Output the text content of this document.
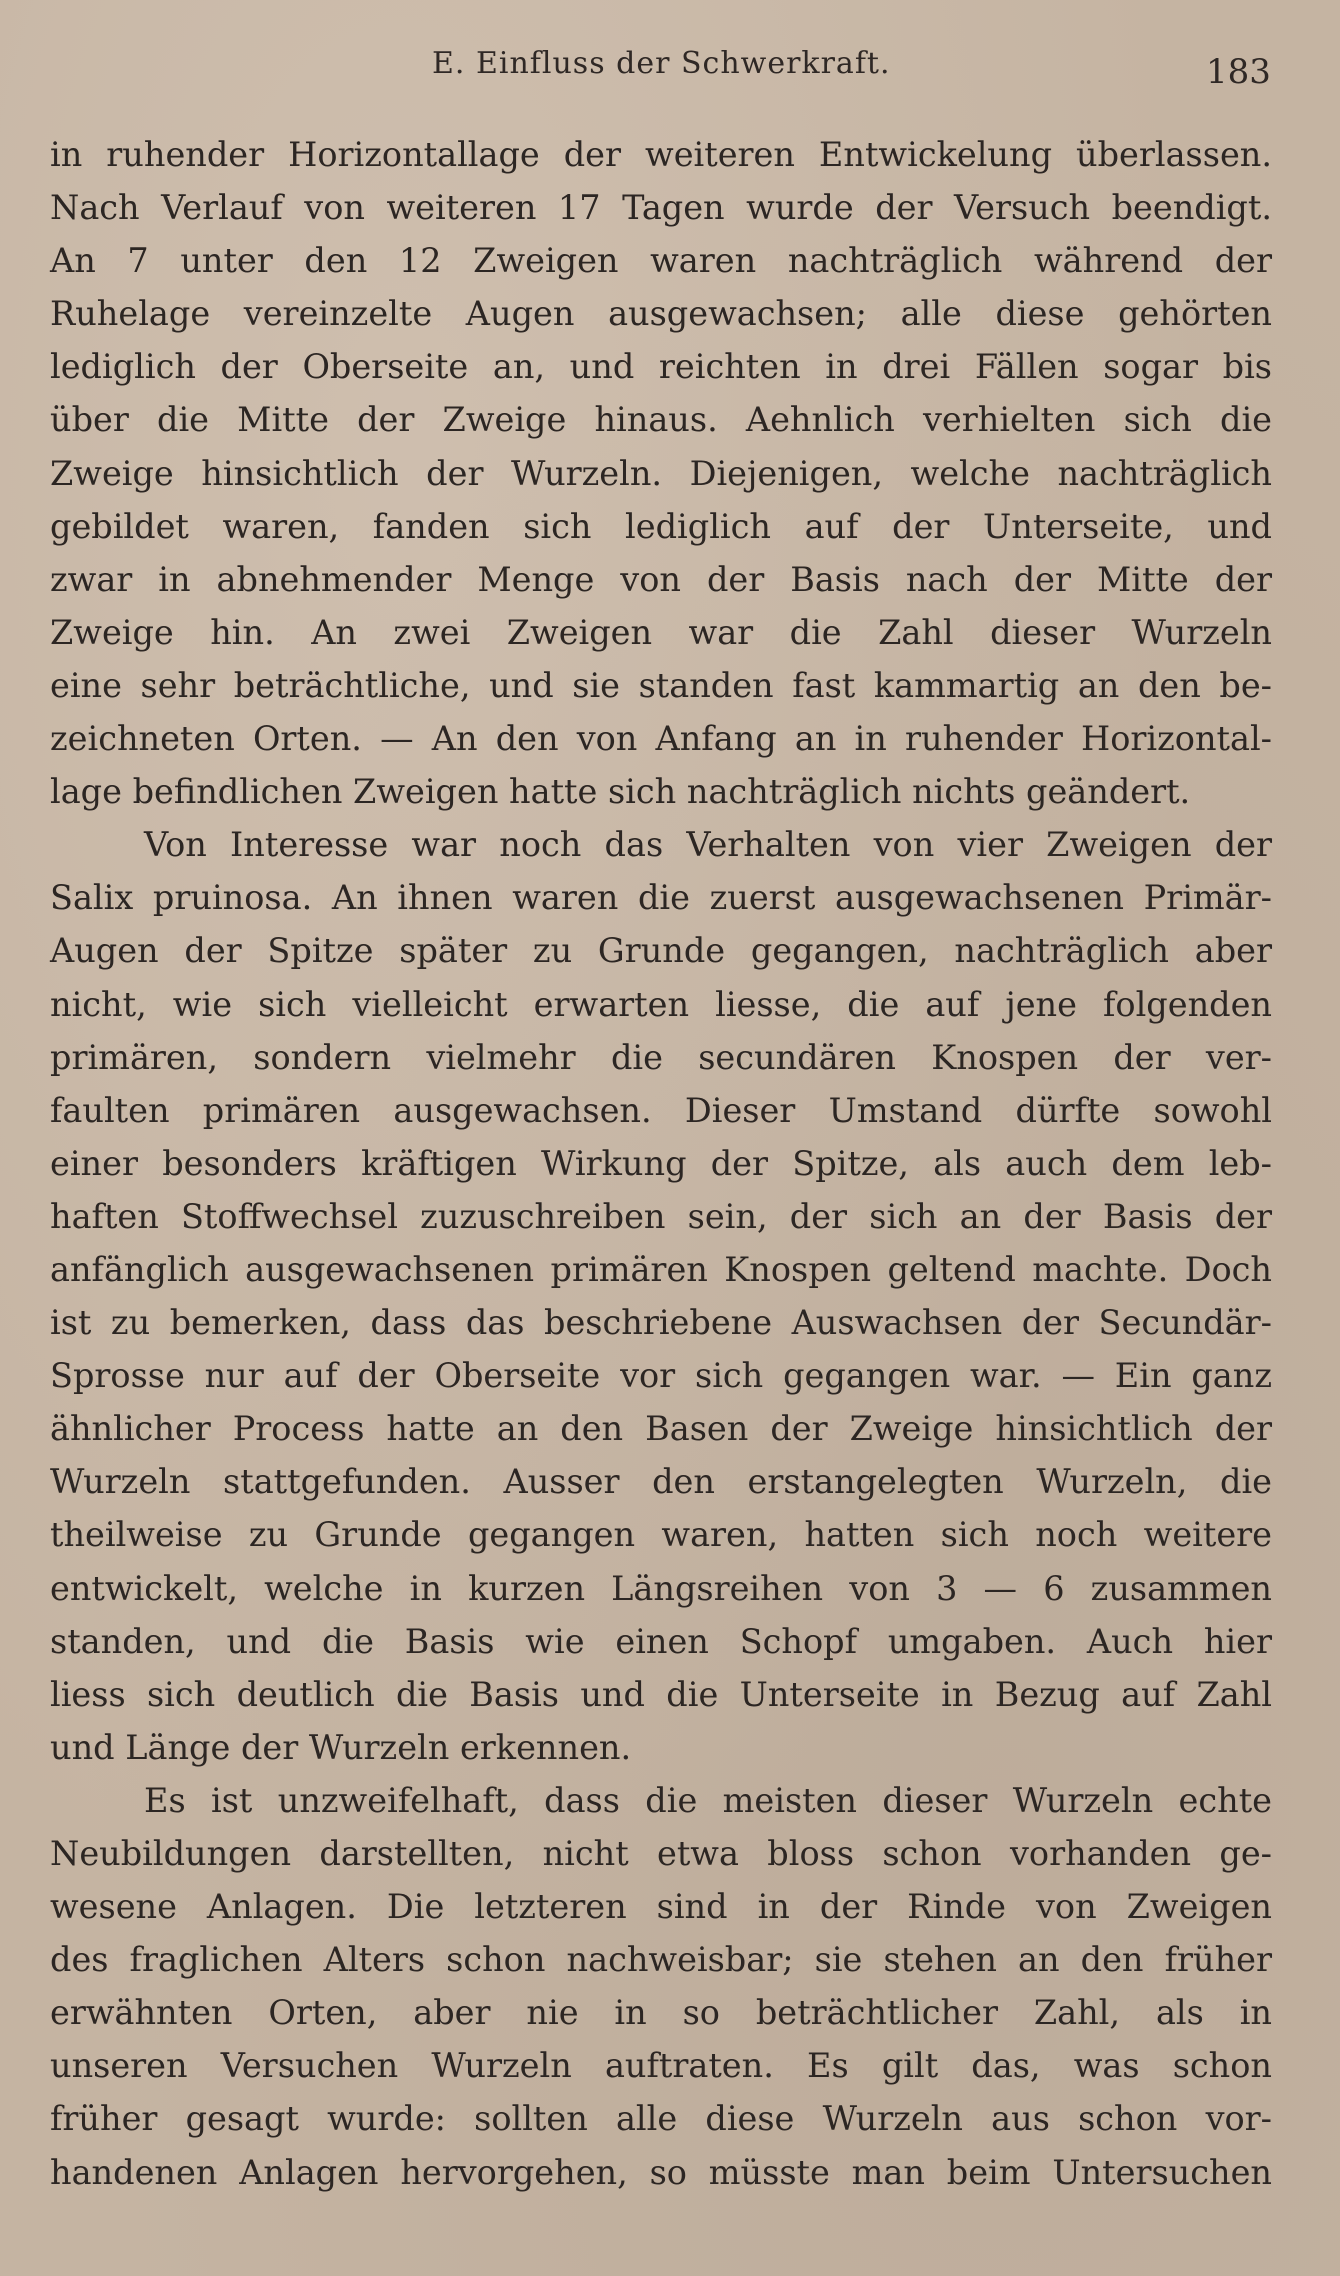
E. Einfluss der Schwerkraft.	183
in ruhender Horizontallage der weiteren Entwickelung überlassen.
Nach Verlauf von weiteren 17 Tagen wurde der Versuch beendigt.
An 7 unter den 12 Zweigen waren nachträglich während der
Ruhelage vereinzelte Augen ausgewachsen; alle diese gehörten
lediglich der Oberseite an, und reichten in drei Fällen sogar bis
über die Mitte der Zweige hinaus. Aehnlich verhielten sich die
Zweige hinsichtlich der Wurzeln. Diejenigen, welche nachträglich
gebildet waren, fanden sich lediglich auf der Unterseite, und
zwar in abnehmender Menge von der Basis nach der Mitte der
Zweige hin. An zwei Zweigen war die Zahl dieser Wurzeln
eine sehr beträchtliche, und sie standen fast kammartig an den be-
zeichneten Orten. — An den von Anfang an in ruhender Horizontal-
lage befindlichen Zweigen hatte sich nachträglich nichts geändert.
Von Interesse war noch das Verhalten von vier Zweigen der
Salix pruinosa. An ihnen waren die zuerst ausgewachsenen Primär-
Augen der Spitze später zu Grunde gegangen, nachträglich aber
nicht, wie sich vielleicht erwarten liesse, die auf jene folgenden
primären, sondern vielmehr die secundären Knospen der ver-
faulten primären ausgewachsen. Dieser Umstand dürfte sowohl
einer besonders kräftigen Wirkung der Spitze, als auch dem leb-
haften Stoffwechsel zuzuschreiben sein, der sich an der Basis der
anfänglich ausgewachsenen primären Knospen geltend machte. Doch
ist zu bemerken, dass das beschriebene Auswachsen der Secundär-
Sprosse nur auf der Oberseite vor sich gegangen war. — Ein ganz
ähnlicher Process hatte an den Basen der Zweige hinsichtlich der
Wurzeln stattgefunden. Ausser den erstangelegten Wurzeln, die
theilweise zu Grunde gegangen waren, hatten sich noch weitere
entwickelt, welche in kurzen Längsreihen von 3 — 6 zusammen
standen, und die Basis wie einen Schopf umgaben. Auch hier
liess sich deutlich die Basis und die Unterseite in Bezug auf Zahl
und Länge der Wurzeln erkennen.
Es ist unzweifelhaft, dass die meisten dieser Wurzeln echte
Neubildungen darstellten, nicht etwa bloss schon vorhanden ge-
wesene Anlagen. Die letzteren sind in der Rinde von Zweigen
des fraglichen Alters schon nachweisbar; sie stehen an den früher
erwähnten Orten, aber nie in so beträchtlicher Zahl, als in
unseren Versuchen Wurzeln auftraten. Es gilt das, was schon
früher gesagt wurde: sollten alle diese Wurzeln aus schon vor-
handenen Anlagen hervorgehen, so müsste man beim Untersuchen
